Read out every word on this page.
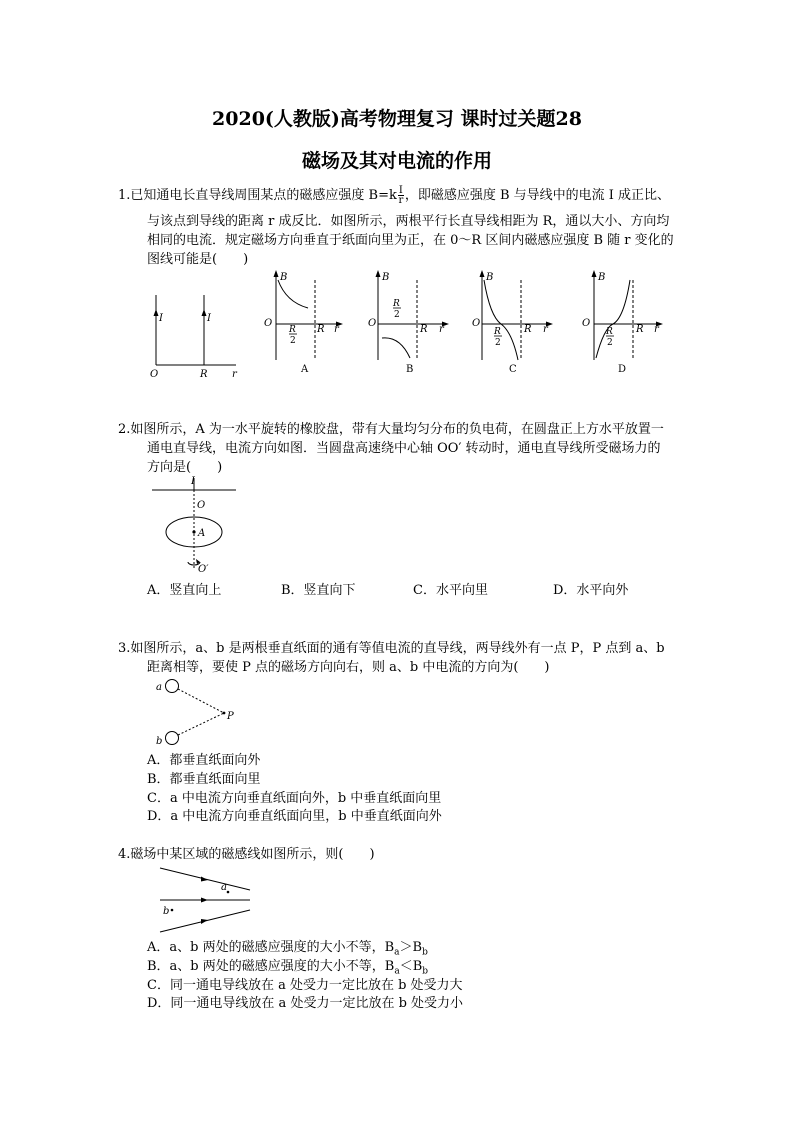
2020(人教版)高考物理复习 课时过关题28
磁场及其对电流的作用
1.已知通电长直导线周围某点的磁感应强度 $B=k \frac{I}{r}$ ，即磁感应强度 B 与导线中的电流 I 成正比、
与该点到导线的距离 r 成反比．如图所示，两根平行长直导线相距为 R，通以大小、方向均
相同的电流．规定磁场方向垂直于纸面向里为正，在 0～R 区间内磁感应强度 B 随 r 变化的
图线可能是(　　)
I	I
O	R r
B
O
R
2
R r
A
B
O
R
2
R r
B
B
O
R
2
R r
C
B
O
R
2
R r
D
2.如图所示，A 为一水平旋转的橡胶盘，带有大量均匀分布的负电荷，在圆盘正上方水平放置一
通电直导线，电流方向如图．当圆盘高速绕中心轴 OO′ 转动时，通电直导线所受磁场力的
方向是(　　)
I
O
A
O′
A．竖直向上	B．竖直向下	C．水平向里	D．水平向外
3.如图所示，a、b 是两根垂直纸面的通有等值电流的直导线，两导线外有一点 P，P 点到 a、b
距离相等，要使 P 点的磁场方向向右，则 a、b 中电流的方向为(　　)
a
b
P
A．都垂直纸面向外
B．都垂直纸面向里
C．a 中电流方向垂直纸面向外，b 中垂直纸面向里
D．a 中电流方向垂直纸面向里，b 中垂直纸面向外
4.磁场中某区域的磁感线如图所示，则(　　)
a
b
A．a、b 两处的磁感应强度的大小不等，$B_a>B_b$
B．a、b 两处的磁感应强度的大小不等，$B_a<B_b$
C．同一通电导线放在 a 处受力一定比放在 b 处受力大
D．同一通电导线放在 a 处受力一定比放在 b 处受力小
